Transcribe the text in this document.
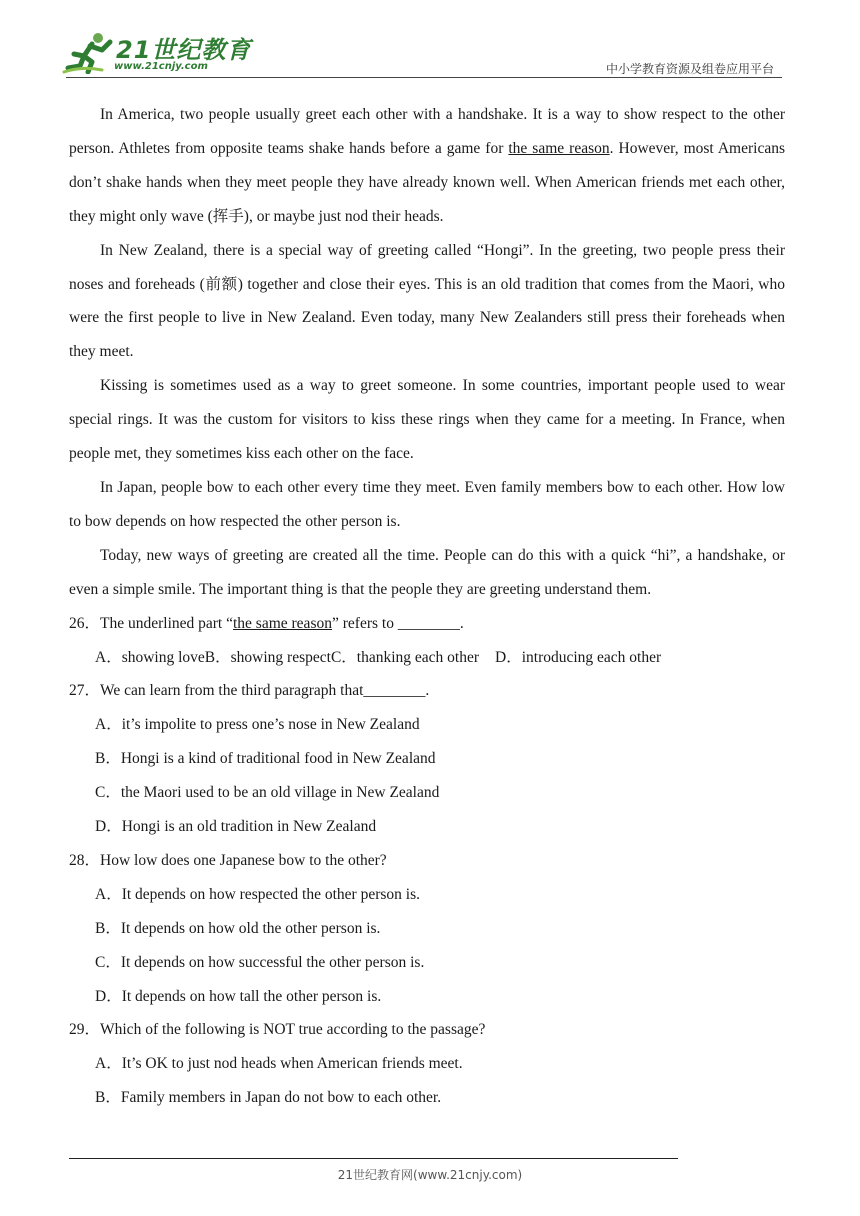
21世纪教育
www.21cnjy.com	中小学教育资源及组卷应用平台

In America, two people usually greet each other with a handshake. It is a way to show respect to the other person. Athletes from opposite teams shake hands before a game for the same reason. However, most Americans don’t shake hands when they meet people they have already known well. When American friends met each other, they might only wave (挥手), or maybe just nod their heads.

In New Zealand, there is a special way of greeting called “Hongi”. In the greeting, two people press their noses and foreheads (前额) together and close their eyes. This is an old tradition that comes from the Maori, who were the first people to live in New Zealand. Even today, many New Zealanders still press their foreheads when they meet.

Kissing is sometimes used as a way to greet someone. In some countries, important people used to wear special rings. It was the custom for visitors to kiss these rings when they came for a meeting. In France, when people met, they sometimes kiss each other on the face.

In Japan, people bow to each other every time they meet. Even family members bow to each other. How low to bow depends on how respected the other person is.

Today, new ways of greeting are created all the time. People can do this with a quick “hi”, a handshake, or even a simple smile. The important thing is that the people they are greeting understand them.

26．The underlined part “the same reason” refers to ________.

A．showing loveB．showing respectC．thanking each other D．introducing each other

27．We can learn from the third paragraph that________.

A．it’s impolite to press one’s nose in New Zealand

B．Hongi is a kind of traditional food in New Zealand

C．the Maori used to be an old village in New Zealand

D．Hongi is an old tradition in New Zealand

28．How low does one Japanese bow to the other?

A．It depends on how respected the other person is.

B．It depends on how old the other person is.

C．It depends on how successful the other person is.

D．It depends on how tall the other person is.

29．Which of the following is NOT true according to the passage?

A．It’s OK to just nod heads when American friends meet.

B．Family members in Japan do not bow to each other.

21世纪教育网(www.21cnjy.com)
